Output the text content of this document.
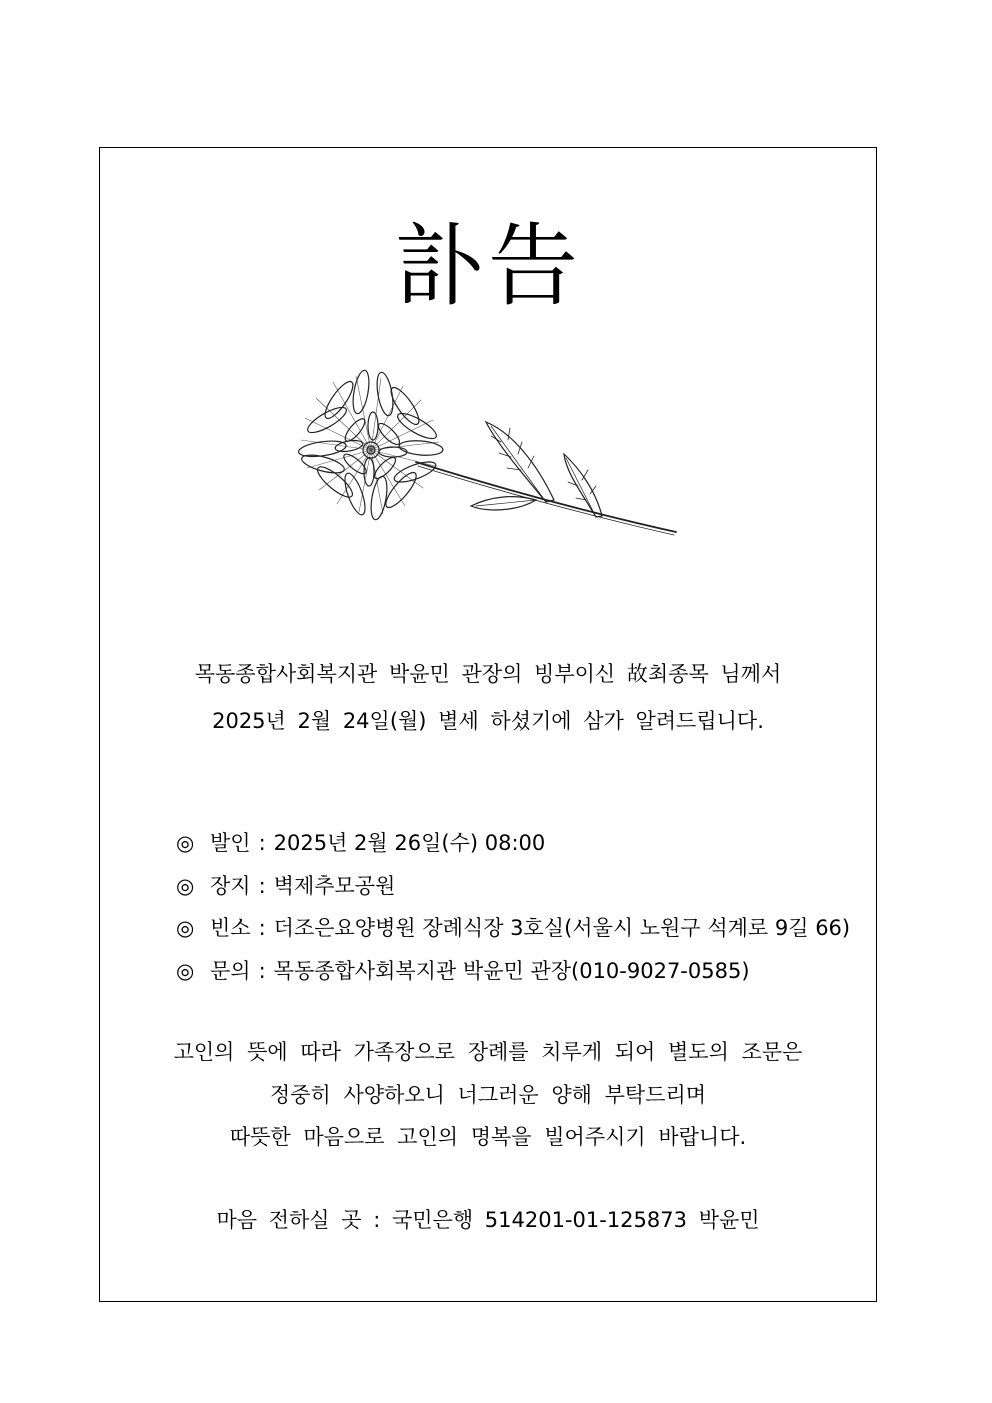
訃告

목동종합사회복지관 박윤민 관장의 빙부이신 故최종목 님께서

2025년 2월 24일(월) 별세 하셨기에 삼가 알려드립니다.

◎ 발인 : 2025년 2월 26일(수) 08:00
◎ 장지 : 벽제추모공원
◎ 빈소 : 더조은요양병원 장례식장 3호실(서울시 노원구 석계로 9길 66)
◎ 문의 : 목동종합사회복지관 박윤민 관장(010-9027-0585)

고인의 뜻에 따라 가족장으로 장례를 치루게 되어 별도의 조문은

정중히 사양하오니 너그러운 양해 부탁드리며

따뜻한 마음으로 고인의 명복을 빌어주시기 바랍니다.

마음 전하실 곳 : 국민은행 514201-01-125873 박윤민
